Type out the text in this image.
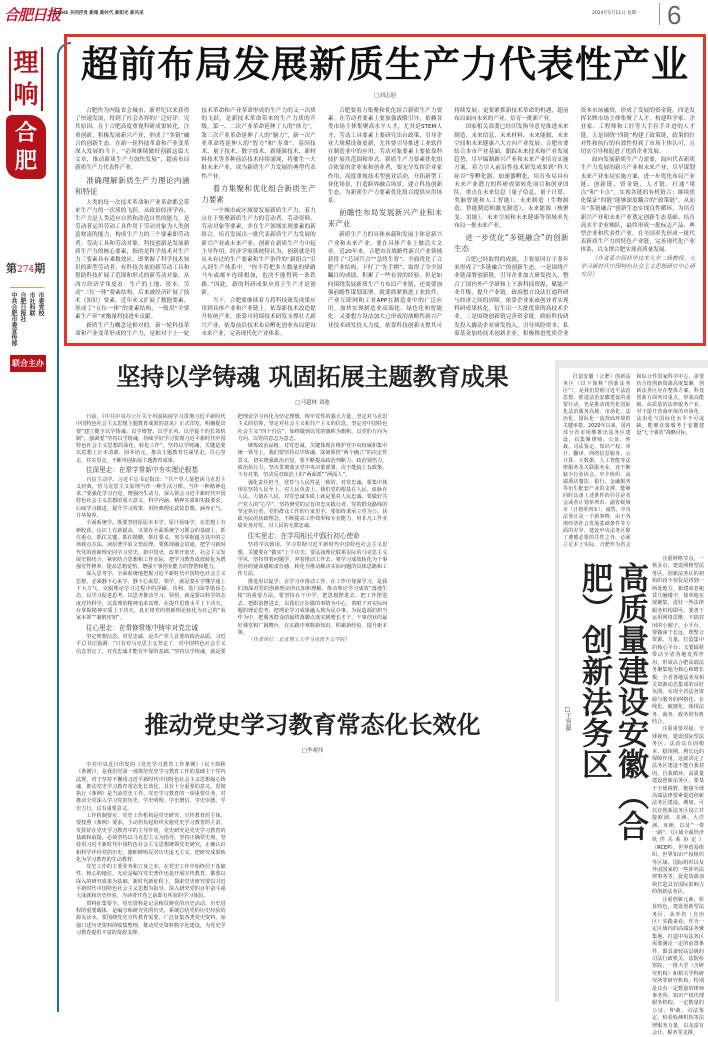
合肥日报
AHHS 共同抒发 新闻 新时代 新阳光 新风采	2024年5月11日 星期一 6
理
响
合
肥
第274期
中共合肥市委宣传部 合肥日报社 市社科联 市委党校
联合主办
超前布局发展新质生产力代表性产业
□刘志迎

合肥作为内陆省会城市，新世纪以来获得了快速发展，得到了社会各界的广泛好评。究其原因，在于合肥高度重视科研成果转化，注重创新，积极发展新兴产业，形成了“多链”融合的创新生态。在新一轮科技革命和产业变革深入发展的当下，“必须继续做好创新这篇大文章，推动新质生产力加快发展”，超前布局新质生产力代表性产业。

准确理解新质生产力理论内涵和特征

人类的每一次技术革命和产业革命都会带来生产力的一次质的飞跃。从政治经济学看，生产力是人类适应自然和改造自然的能力，是劳动者运用劳动工具作用于劳动对象为人类创造财富的能力，构成生产力的三个要素即劳动者、劳动工具和劳动对象。科技创新是发展新质生产力的核心要素，指的是科学技术对生产力三要素具有乘数效应，即掌握了科学技术知识的新型劳动者、有科技含量的新劳动工具和借助科技扩展了范围和形式的新劳动对象。从西方经济学角度看，生产的土地、资本、劳动“三位一体”要素结构，后来被经济扩展了技术（知识）要素，近年来又扩展了数据要素，形成了“五位一体”的要素结构，一般用“全要素生产率”来衡量科技进步贡献。

新质生产力概念是相对的。新一轮科技革命和产业变革形成的生产力，是相对于上一轮技术革命和产业革命形成的生产力的又一次质的飞跃，是新技术革命带来的生产力质的升级。第一、二次产业革命延伸了人的“体力”，第三次产业革命延伸了人的“脑力”，新一次产业革命将延伸人的“智力”和“寿命”。基因技术、量子技术、数字技术、新能源技术、新材料技术等多种前沿技术持续涌现，将催生一大批未来产业，成为新质生产力发展的典型代表性产业。

着力集聚和优化组合新质生产力要素

一个城市或区域要发展新质生产力，着力点在于集聚新质生产力的劳动者、劳动资料、劳动对象等要素，并在生产领域实现要素的新组合，培育发展出一批代表新质生产力发展的新兴产业或未来产业。创新在新质生产力中起主导作用。经济学家熊彼特认为，创新就是将从未有过的生产要素和生产条件的“新组合”引入到生产体系中。“你不管把多大数量的驿路马车或邮车连续相加，也决不能得到一条铁路。”因此，新的科研成果应用于生产才是创新。

当下，合肥要继续着力将科技研发成果应用到具体产业和产业链上，依靠新技术改造提升传统产业，依靠可持续技术研发支撑壮大新兴产业，依靠前沿技术布局孵化创业布局建设未来产业，完善现代化产业体系。

合肥要着力集聚和优化组合新质生产力要素。在劳动者要素上要加强战略引导，依赖各类市场主体集聚高水平人才，尤其是STEM人才；劳动工具要素上要研究出台政策，引导企业大规模设备更新，尤其要引导推进工业软件在制造业中的应用；劳动对象要素上要依靠科技扩展其范围和形式。新质生产力要素优化组合依靠的企业家和创业者，要充分发挥企业家作用，高度重视技术型创业活动，开拓新型工业化场景，打造跨界融合场景，建立科技创新生态，为新质生产力要素优化组合提供应用场景。

前瞻性布局发展新兴产业和未来产业

新质生产力的具体承载和发展主体是新兴产业和未来产业，要在具体产业上做活大文章。近20年来，合肥市在战略性新兴产业领域获得了“芯屏汽合”“急终生智”，全面优化了合肥产业结构，下好了“先手棋”，取得了令全国瞩目的成绩，积累了一些有效的经验。但是如何围绕发展新质生产力布局产业链，还需要加强前瞻性谋划部署。就要抓紧推进工业软件、产业互联网和工业APP在制造业中的广泛应用，加快实现制造业高端化、绿色化和智能化；又要想方设法加大已形成的战略性新兴产业技术研发投入力度，依靠科技创新支撑其可持续发展；更要紧抓新技术革命的机遇，超前布局面向未来的产业，培育一批新产业。

国家相关部委已经印发指导意见推进未来制造、未来信息、未来材料、未来能源、未来空间和未来健康六大方向产业发展。合肥市要结合本市产业基础，跟踪未来技术和产业发展趋势，尽早编制新兴产业和未来产业培育实施方案，着力引入前沿性技术研发成果到“科大硅谷”等孵化器、加速器孵化，培育布局具有未来产业潜力的科研成果转化项目和创业团队。重点在未来信息（量子信息、量子计算、类脑智能和人工智能）、未来制造（生物制造、智能制造和激光制造）、未来能源（核聚变、氢能）、未来空间和未来健康等领域率先布局一批未来产业。

进一步优化“多链融合”的创新生态

合肥已经取得的成就，主要原因在于多年来形成了“多链融合”的创新生态。一是围绕产业链部署创新链。引导企业加大研发投入，整合了国内外产学研和上下游科技资源，赋能产业升级，提升产业链。政府想方设法打通科研与经济之间的屏障，依靠企业家或创业者实现科研成果转化，衍生出一大批优质的高技术企业。三是围绕创新链完善资金链。政府科技研发投入撬动企业研发投入，引导风险资本、私募基金加持技术创新企业，积极推进优质企业资本市场融资，形成了发展的资金链。四是发挥名牌市场主体集聚了人才。构建科学家、企业家、工程师和工匠等大手拉手并进的人才链。五是围绕“四链”构建了政策链，政策的针对性和执行的有效性得到了市场主体认可，且切实引导和促进了优质企业发展。

面向发展新质生产力需要，面向代表新质生产力发展的新兴产业和未来产业，尽早谋划未来产业布局实施方案，进一步优化布局产业链、创新链、资金链、人才链，打通“堵点”和“卡点”，实现各链的有机链合；继续优化保证“四链”能够深度耦合的“政策链”，从而在“多链融合”创新生态实现良性循环，为培育新兴产业和未来产业奠定创新生态基础。培育高水平企业梯队，最终形成一批标志产品、典型企业和代表性产业，在全国率先形成一批代表新质生产力的特色产业链，完善现代化产业体系，以支撑合肥实现高质量发展。

（作者系中国科学技术大学二级教授、大学习新时代中国特色社会主义思想研究中心研究员）

坚持以学铸魂 巩固拓展主题教育成果
□马超林 刘迪

日前，《中共中央办公厅关于巩固拓展学习贯彻习近平新时代中国特色社会主义思想主题教育成果的意见》正式印发，明确提出要“建立健全以学铸魂、以学增智、以学正风、以学促干的长效机制”，强调要“坚持以学铸魂，持续学好学习贯彻习近平新时代中国特色社会主义思想的深化、转化工作”。坚持以学铸魂，关键是要以思想上正本清源、固本培元，推动主题教育往深里走、往心里走、往实里走，不断巩固拓展主题教育成果。

往深里走：在常学常新中夯实理论根基

自信主动学。习近平总书记指出：“共产党人要把读马克思主义经典、悟马克思主义原理当作一种生活习惯、当作一种精神追求。”要强化学习自觉，增强内生动力，深入领会习近平新时代中国特色社会主义思想的重大意义、科学内涵、精神实质和实践要求，后续学习跟进，提升学习效果，用经典理论武装思想、涵养正气、升华境界。

全面系统学。既要坚持原原本本学、原汁原味学，在思想上有新收获、认识上有新提高，又要在全面系统学习领会的基础上，抓住重点、抓住关键、抓住精髓，抓住要义，努力掌握蕴含其中的立场观点方法，读原著学原文悟原理，要体现融会贯通，把学习新时代党的创新理论同学习党史、新中国史、改革开放史、社会主义发展史相结合，紧密结合思想和工作实际，把学习教育成效转化为增强党性修养、提高思想觉悟、增强干事创业能力的智慧和能力。

深入思考学。全面系统地把握习近平新时代中国特色社会主义思想，必须静下心来学、静下心来思。领学，就是要在学懂学通上下大力气，克服理论学习过程中的浮躁、功利、装门面等错误心态，以学习促进思考，以思考推动学习。领悟，就是要以科学的态度对待科学，以真理的精神追求真理，在提升思想水平上下功夫，在掌握精神实质上下功夫，真正将党的创新理论转化为自己的“看家本领”“制胜密钥”。

往心里走：在常修常炼中铸牢对党忠诚

坚定理想信念。对党忠诚，是共产党人首要的政治品质。习近平总书记强调：“只有对马克思主义坚定了，对中国特色社会主义信念坚定了，对党忠诚才能有牢靠的基础。”坚持以学铸魂，就是要把理论学习内化为坚定理想、铸牢党性的强大力量，坚定对马克思主义的信仰，坚定对社会主义和共产主义的信念，坚定对中国特色社会主义“四个自信”，始终做到以党的旗帜为旗帜、以党的方向为方向、以党的意志为意志。

锤炼政治品格。对党忠诚，关键体现在维护党中央权威和集中统一领导上。我们要坚持以学铸魂，深刻领悟“两个确立”的决定性意义，切实增强政治自觉。要不断提高政治判断力、政治领悟力、政治执行力，坚决贯彻落实党中央决策部署，决不能搞上有政策、下有对策，坚决反对政治上的“两面派”“两面人”。

强化责任担当。党性与人民性是一致的。对党忠诚，要集中体现在坚持人民至上、对人民负责上。我们党的根基在人民、血脉在人民、力量在人民，对党忠诚本质上就是要对人民忠诚。要做好共产党人的“心学”，坚持修党的宗旨的忠实践行者、党的群众路线的坚定执行者、党的群众工作的行家里手。要始终秉承立党为公、执政为民的执政理念，不断提高工作效率和专业能力，用非凡工作业绩业务对党、对人民的无限忠诚。

往实里走：在学用相长中践行初心使命

坚持学以致用。学习贯彻习近平新时代中国特色社会主义思想，关键要在“做实”上下功夫。要弘扬理论联系实际的马克思主义学风，坚持带着问题学，奔着推动工作去，将学习成效转化为干事创业的使命感和责任感，转化为推动解决实际问题的具体思路和工作方法。

推进用以促学。在学习中推动工作、在工作中加深学习，是我们加深对党的创新理论的认知和理解、推动理论学习成效“落地生根”的重要方法。要坚持在干中学，把思想摆进去、把工作摆进去、把职责摆进去，以我们正在做的事情为中心，着眼于对实际问题的理论思考，把理论学习成果融入到为民办事、为民造福的担当作为中，把服务群众的最终落脚点落实到增长才干、干事创业的最好课堂和广阔舞台，在实践中掌握新知识、积累新经验、提升新本领。

（作者单位：北京理工大学马克思主义学院）

推动党史学习教育常态化长效化
□李观伟

中共中央近日印发的《党史学习教育工作条例》（以下简称《条例》），是我们党第一部规范党史学习教育工作的基础主干党内法规，对于坚持不懈用习近平新时代中国特色社会主义思想凝心铸魂，推动党史学习教育常态化长效化，具有十分重要的意义。贯彻执行《条例》是当前党史工作、党史学习教育的一项重要任务，对推动全党深入学习党的历史，学史明理、学史增信、学史崇德、学史力行，具有重要意义。

工作机制要实。党史工作机构是党史研究、宣传教育的主体，要按照《条例》要求，主动担负起组织实施党史学习教育的主责，发挥好在党史学习教育中的主导作用，党史研究是党史学习教育的基础和前提。必须坚持以马克思主义为指导，坚持正确党史观，坚持用习近平新时代中国特色社会主义思想统领党史研究，正确认识和科学评价党的历史，旗帜鲜明反对历史虚无主义，把研究成果转化为学习教育的生动教材。

党史工作的主要业务和立身之本，在党史工作中始终居于基础性、核心的地位。无论是编写党史著作还是开展宣传教育，都要以深入的研究成果为基础。新时代新征程上，探索党史研究要以习近平新时代中国特色社会主义思想为指导，深入研究党的百年奋斗重大成就和历史经验，为读者开卷之前即有所获的学习体验。

资料征集要全。党史资料是记录和反映党的历史活动、历史进程的重要载体，是编写和研究党的历史、系统总结党的历史经验的源头活水。要围绕党史宣传教育需要，广泛征集各类党史资料，加强口述历史资料的收集整理，推动党史资料数字化建设，为党史学习教育提供丰富的资源支撑。

打造安徽（合肥）创新法务区（以下简称“创新法务区”），是我们贯彻习近平法治思想、推进法治安徽建设的重要行动，也是推动现代化国际化法治服务高地、市场化、法治化、国际化一流营商环境的关键举措。2020年以来，国内部分省市相继推出法务区建设，以集聚律师、公证、仲裁、司法鉴定、知识产权、审计、翻译、网络信息服务、云计算、大数据、人工智能等法律服务及关联服务业，还不断缺少行业协会、中介组织、高端酒店餐饮、银行、金融服务等衍生配套产业的支撑。能够同时具备上述条件的往往是省会或者计划单列市、副省级城市（计划单列市），诚然，中央法务区是一个新事物，由于各地经济社会发展基础条件等方面的差异，建设中央法务区除了遵循必要的共性之外，必须立足本土实际。合肥作为省会和综合性国家科学中心，需要结合技创新资源高度集聚，创新法务区应在整体方案、科技创新方面突出重点，形成高能级、高质量的法律服务产业，对于提升营商环境的市场化、法治化与国际化水平不可或缺，能够直接服务于安徽建设“七个强省”战略目标。

□王智源	高质量建设安徽（合肥）创新法务区

注重网格节点，一核多点，建设网格型法务区。创新法务区的初始阶段不仅仅是找到一两处地方，新建或者租赁几幢楼宇，简单地实现聚集，进驻一些法律服务机构即可。要善于运用网络思维，不搞封闭的小圈子、小平台。要做深干长远，既整合资源、力量，打造集中的核心平台；又要辐射带动全省各地发挥作用，形成以合肥高端法务聚集地为核心和增长极、全省各地法务及相关资源动态集成的良好氛围，实现全省法务资源与服务的网格化、在线化、敏捷化，体现法务、商务、政务的有机结合。

注重重要对接，全球视角，建设国际型法务区。法治具有固根本、稳预期、利长远的保障作用，这就决定了法务区建设不能自我封闭、自我循环。高质量建设创新法务区，要基于全球视野，链接全球高端法律要素促进创新法务区建设。例如，可以在创新法务区设立对接欧洲、美洲、大洋洲、亚洲，以及“一带一路”、《区域全面经济伙伴关系协定》（RCEP）、世界贸易组织、世界知识产权组织等区域、国际组织以及外国国家的一些涉外法律事务等，促进资源加快打造具有国际影响力的创新法务区。

注重创新元素，彰显特色，建设创新型法务区。从外省（自治区）实践来看，作为一定区域内的高端法务聚集地，打造中央法务区需要满足一定的前置条件，即具备较高层级的司法行政机关、法院检察院、一批大学（含研究机构）和相关学科研究所等研究机构，特别是具有一定数量的律师事务所、知识产权代理服务机构，一定数量的公证、仲裁、司法鉴定、检验检测机构等法律服务力量，以及富有会计、税务等支撑。
